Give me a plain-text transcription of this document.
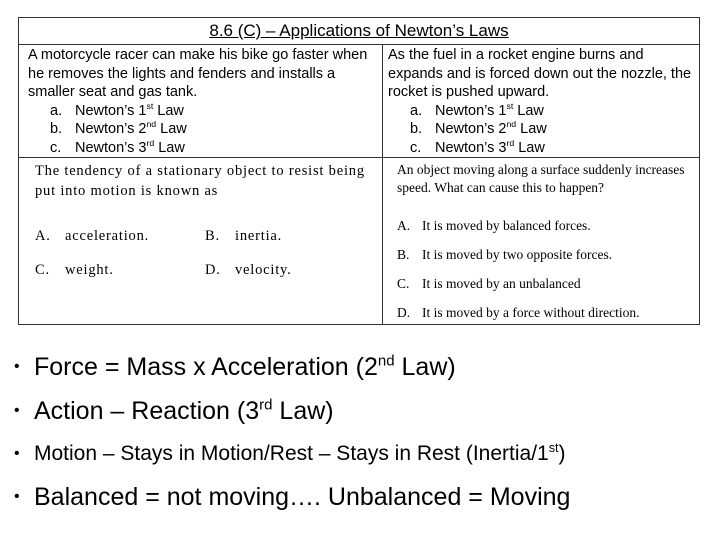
8.6 (C) – Applications of Newton’s Laws
A motorcycle racer can make his bike go faster when he removes the lights and fenders and installs a smaller seat and gas tank.
a. Newton’s 1st Law
b. Newton’s 2nd Law
c. Newton’s 3rd Law
As the fuel in a rocket engine burns and expands and is forced down out the nozzle, the rocket is pushed upward.
a. Newton’s 1st Law
b. Newton’s 2nd Law
c. Newton’s 3rd Law
The tendency of a stationary object to resist being put into motion is known as
A. acceleration.	B. inertia.
C. weight.	D. velocity.
An object moving along a surface suddenly increases speed. What can cause this to happen?
A. It is moved by balanced forces.
B. It is moved by two opposite forces.
C. It is moved by an unbalanced
D. It is moved by a force without direction.
• Force = Mass x Acceleration (2nd Law)
• Action – Reaction (3rd Law)
• Motion – Stays in Motion/Rest – Stays in Rest (Inertia/1st)
• Balanced = not moving…. Unbalanced = Moving
